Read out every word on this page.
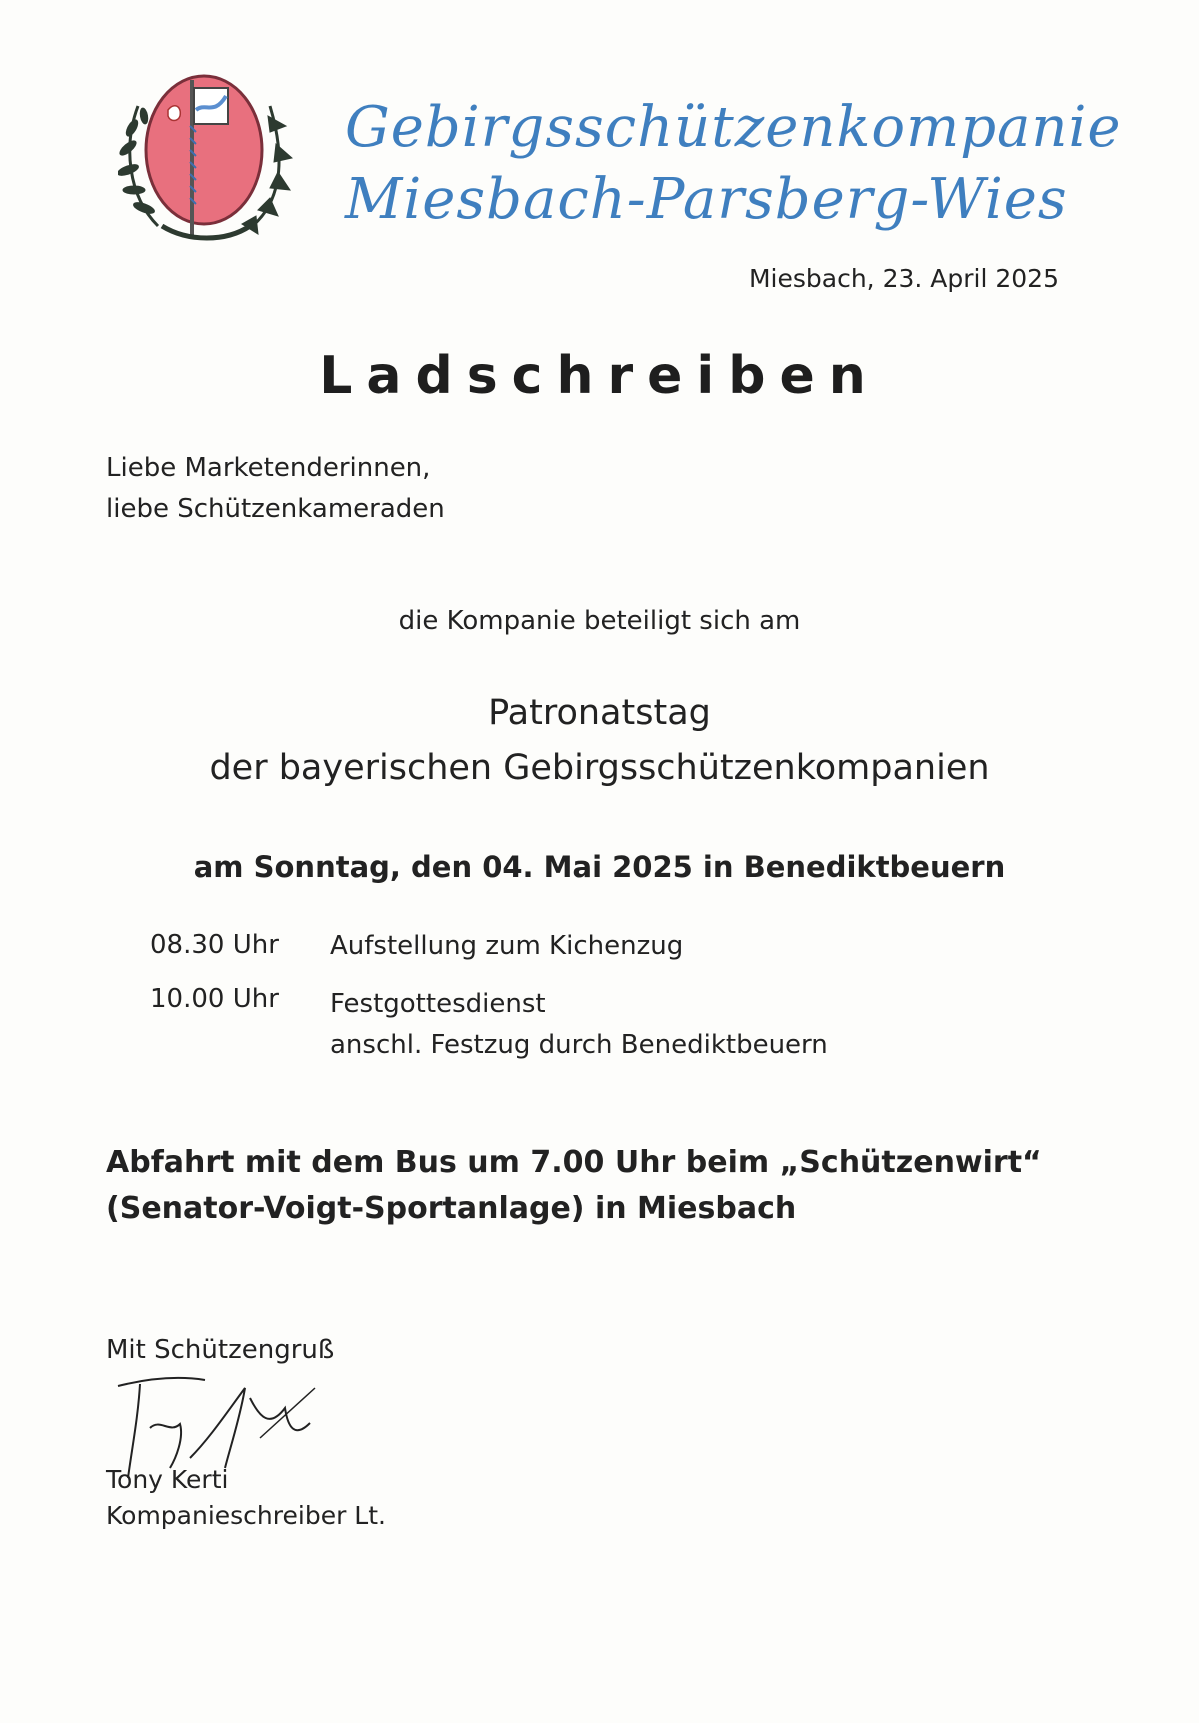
Gebirgsschützenkompanie
Miesbach-Parsberg-Wies
Miesbach, 23. April 2025
Ladschreiben
Liebe Marketenderinnen,
liebe Schützenkameraden
die Kompanie beteiligt sich am
Patronatstag
der bayerischen Gebirgsschützenkompanien
am Sonntag, den 04. Mai 2025 in Benediktbeuern
08.30 Uhr	Aufstellung zum Kichenzug
10.00 Uhr	Festgottesdienst
anschl. Festzug durch Benediktbeuern
Abfahrt mit dem Bus um 7.00 Uhr beim „Schützenwirt“
(Senator-Voigt-Sportanlage) in Miesbach
Mit Schützengruß
Tony Kerti
Kompanieschreiber Lt.
